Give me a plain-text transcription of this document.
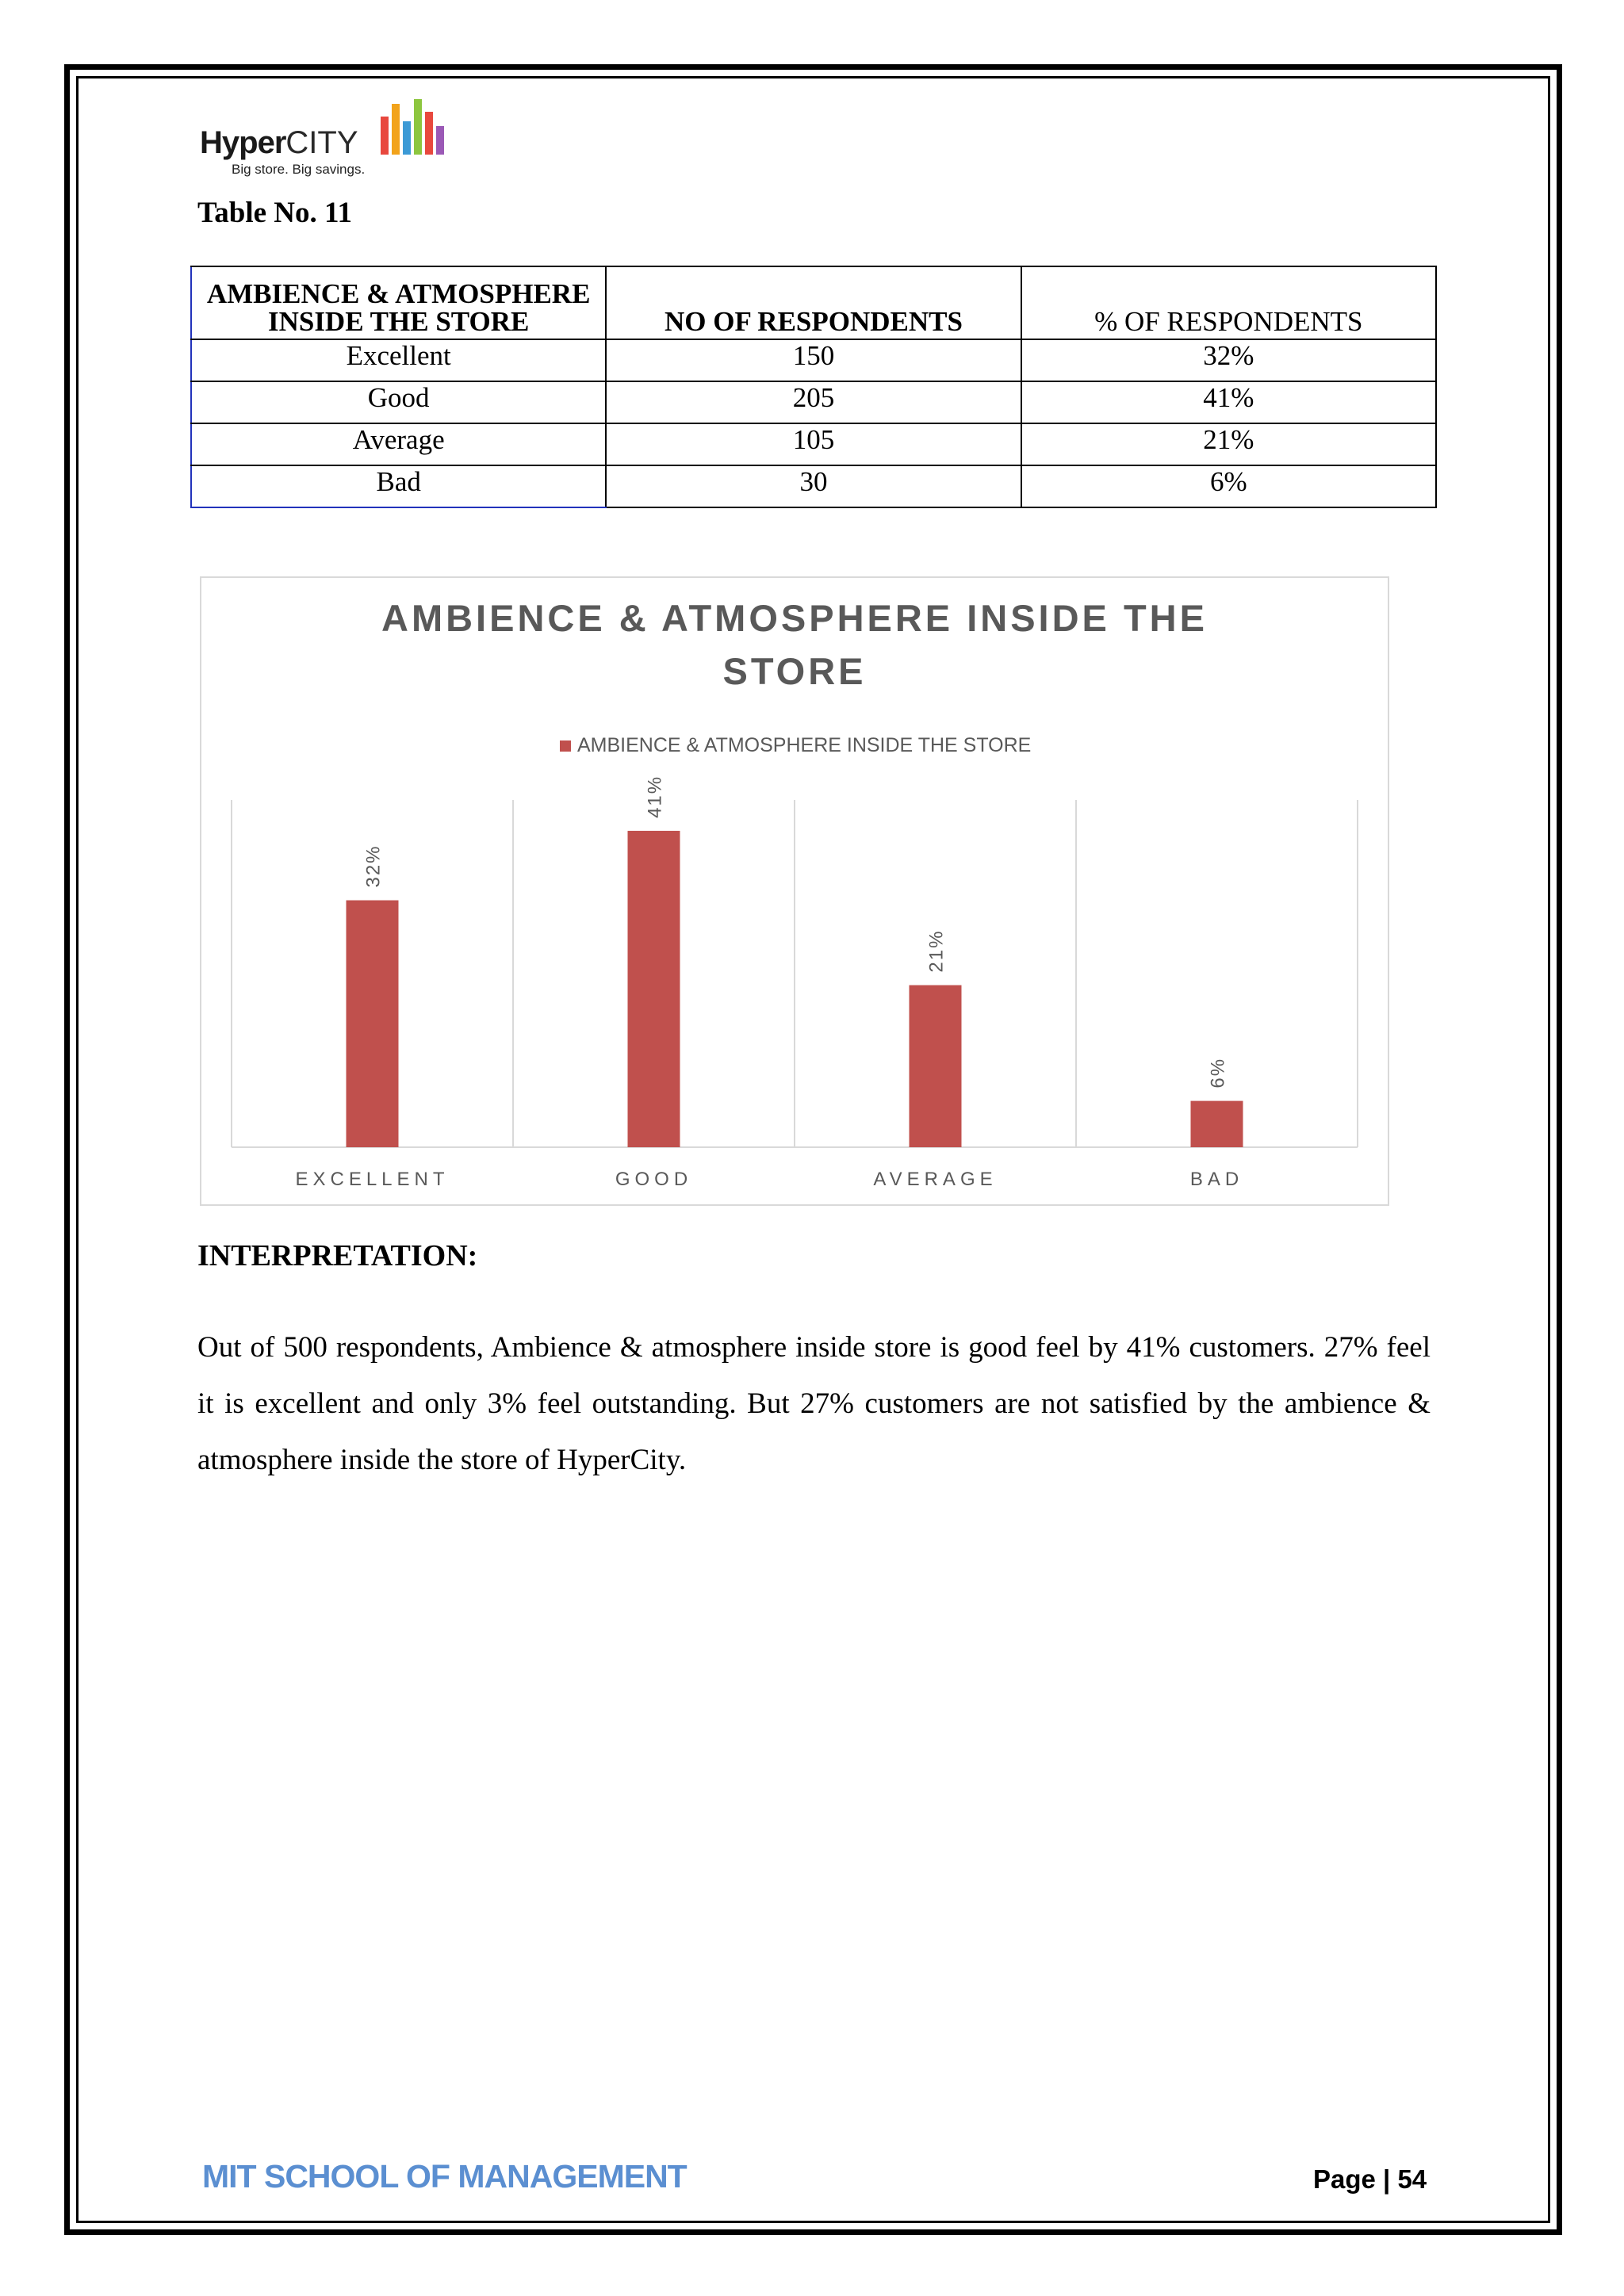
HyperCITY
Big store. Big savings.
Table No. 11
AMBIENCE & ATMOSPHERE
INSIDE THE STORE	NO OF RESPONDENTS	% OF RESPONDENTS
Excellent	150	32%
Good	205	41%
Average	105	21%
Bad	30	6%
AMBIENCE & ATMOSPHERE INSIDE THE
STORE
AMBIENCE & ATMOSPHERE INSIDE THE STORE
32%
EXCELLENT
41%
GOOD
21%
AVERAGE
6%
BAD
INTERPRETATION:
Out of 500 respondents, Ambience & atmosphere inside store is good feel by 41% customers. 27% feel it is excellent and only 3% feel outstanding. But 27% customers are not satisfied by the ambience & atmosphere inside the store of HyperCity.
MIT SCHOOL OF MANAGEMENT	Page | 54
